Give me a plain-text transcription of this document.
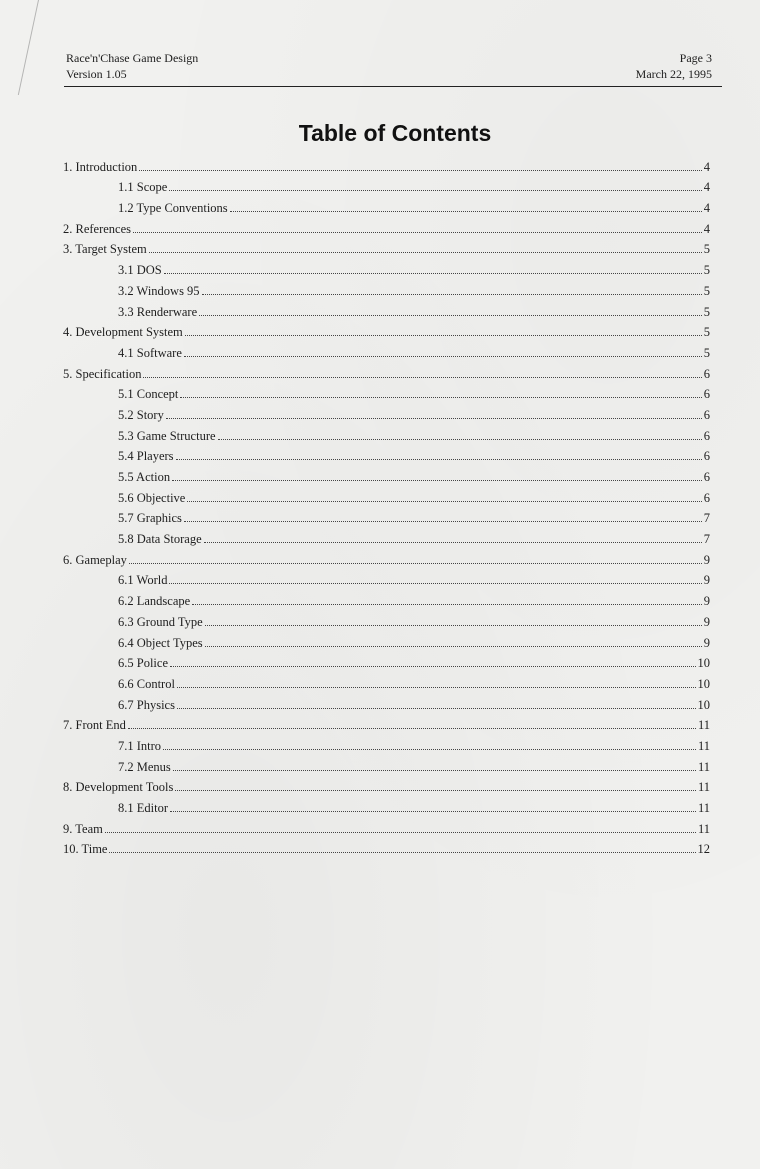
Race'n'Chase Game Design
Version 1.05
Page 3
March 22, 1995
Table of Contents
1. Introduction	4
1.1 Scope	4
1.2 Type Conventions	4
2. References	4
3. Target System	5
3.1 DOS	5
3.2 Windows 95	5
3.3 Renderware	5
4. Development System	5
4.1 Software	5
5. Specification	6
5.1 Concept	6
5.2 Story	6
5.3 Game Structure	6
5.4 Players	6
5.5 Action	6
5.6 Objective	6
5.7 Graphics	7
5.8 Data Storage	7
6. Gameplay	9
6.1 World	9
6.2 Landscape	9
6.3 Ground Type	9
6.4 Object Types	9
6.5 Police	10
6.6 Control	10
6.7 Physics	10
7. Front End	11
7.1 Intro	11
7.2 Menus	11
8. Development Tools	11
8.1 Editor	11
9. Team	11
10. Time	12
